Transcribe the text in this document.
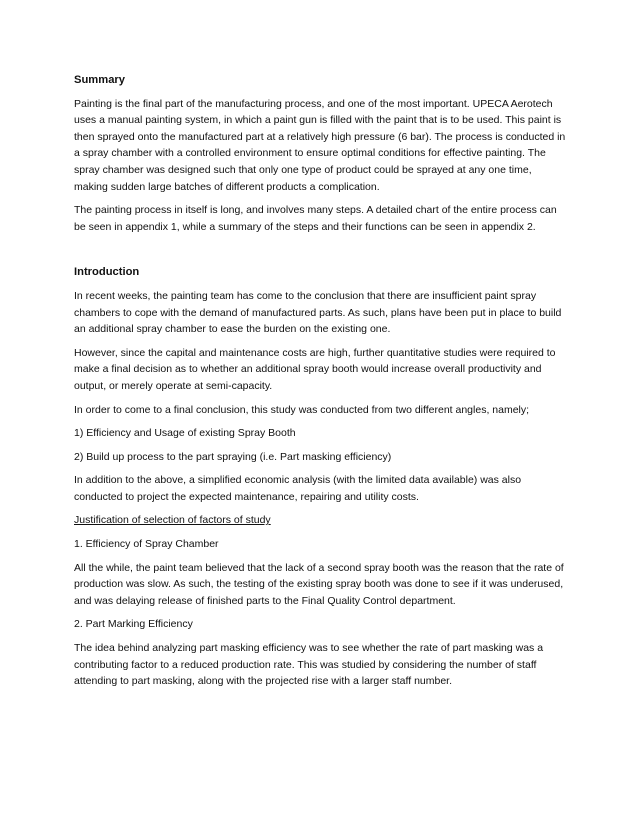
Summary

Painting is the final part of the manufacturing process, and one of the most important. UPECA Aerotech uses a manual painting system, in which a paint gun is filled with the paint that is to be used. This paint is then sprayed onto the manufactured part at a relatively high pressure (6 bar). The process is conducted in a spray chamber with a controlled environment to ensure optimal conditions for effective painting. The spray chamber was designed such that only one type of product could be sprayed at any one time, making sudden large batches of different products a complication.

The painting process in itself is long, and involves many steps. A detailed chart of the entire process can be seen in appendix 1, while a summary of the steps and their functions can be seen in appendix 2.

Introduction

In recent weeks, the painting team has come to the conclusion that there are insufficient paint spray chambers to cope with the demand of manufactured parts. As such, plans have been put in place to build an additional spray chamber to ease the burden on the existing one.

However, since the capital and maintenance costs are high, further quantitative studies were required to make a final decision as to whether an additional spray booth would increase overall productivity and output, or merely operate at semi-capacity.

In order to come to a final conclusion, this study was conducted from two different angles, namely;

1) Efficiency and Usage of existing Spray Booth

2) Build up process to the part spraying (i.e. Part masking efficiency)

In addition to the above, a simplified economic analysis (with the limited data available) was also conducted to project the expected maintenance, repairing and utility costs.

Justification of selection of factors of study

1. Efficiency of Spray Chamber

All the while, the paint team believed that the lack of a second spray booth was the reason that the rate of production was slow. As such, the testing of the existing spray booth was done to see if it was underused, and was delaying release of finished parts to the Final Quality Control department.

2. Part Marking Efficiency

The idea behind analyzing part masking efficiency was to see whether the rate of part masking was a contributing factor to a reduced production rate. This was studied by considering the number of staff attending to part masking, along with the projected rise with a larger staff number.
